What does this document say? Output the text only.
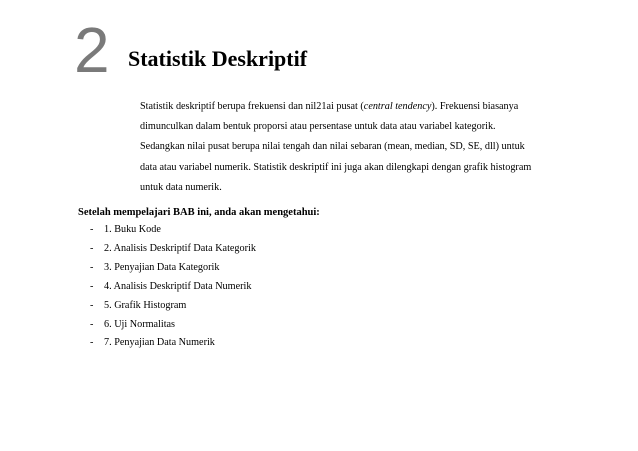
2 Statistik Deskriptif

Statistik deskriptif berupa frekuensi dan nil21ai pusat (central tendency). Frekuensi biasanya

dimunculkan dalam bentuk proporsi atau persentase untuk data atau variabel kategorik.

Sedangkan nilai pusat berupa nilai tengah dan nilai sebaran (mean, median, SD, SE, dll) untuk

data atau variabel numerik. Statistik deskriptif ini juga akan dilengkapi dengan grafik histogram

untuk data numerik.

Setelah mempelajari BAB ini, anda akan mengetahui:
- 1. Buku Kode
- 2. Analisis Deskriptif Data Kategorik
- 3. Penyajian Data Kategorik
- 4. Analisis Deskriptif Data Numerik
- 5. Grafik Histogram
- 6. Uji Normalitas
- 7. Penyajian Data Numerik
